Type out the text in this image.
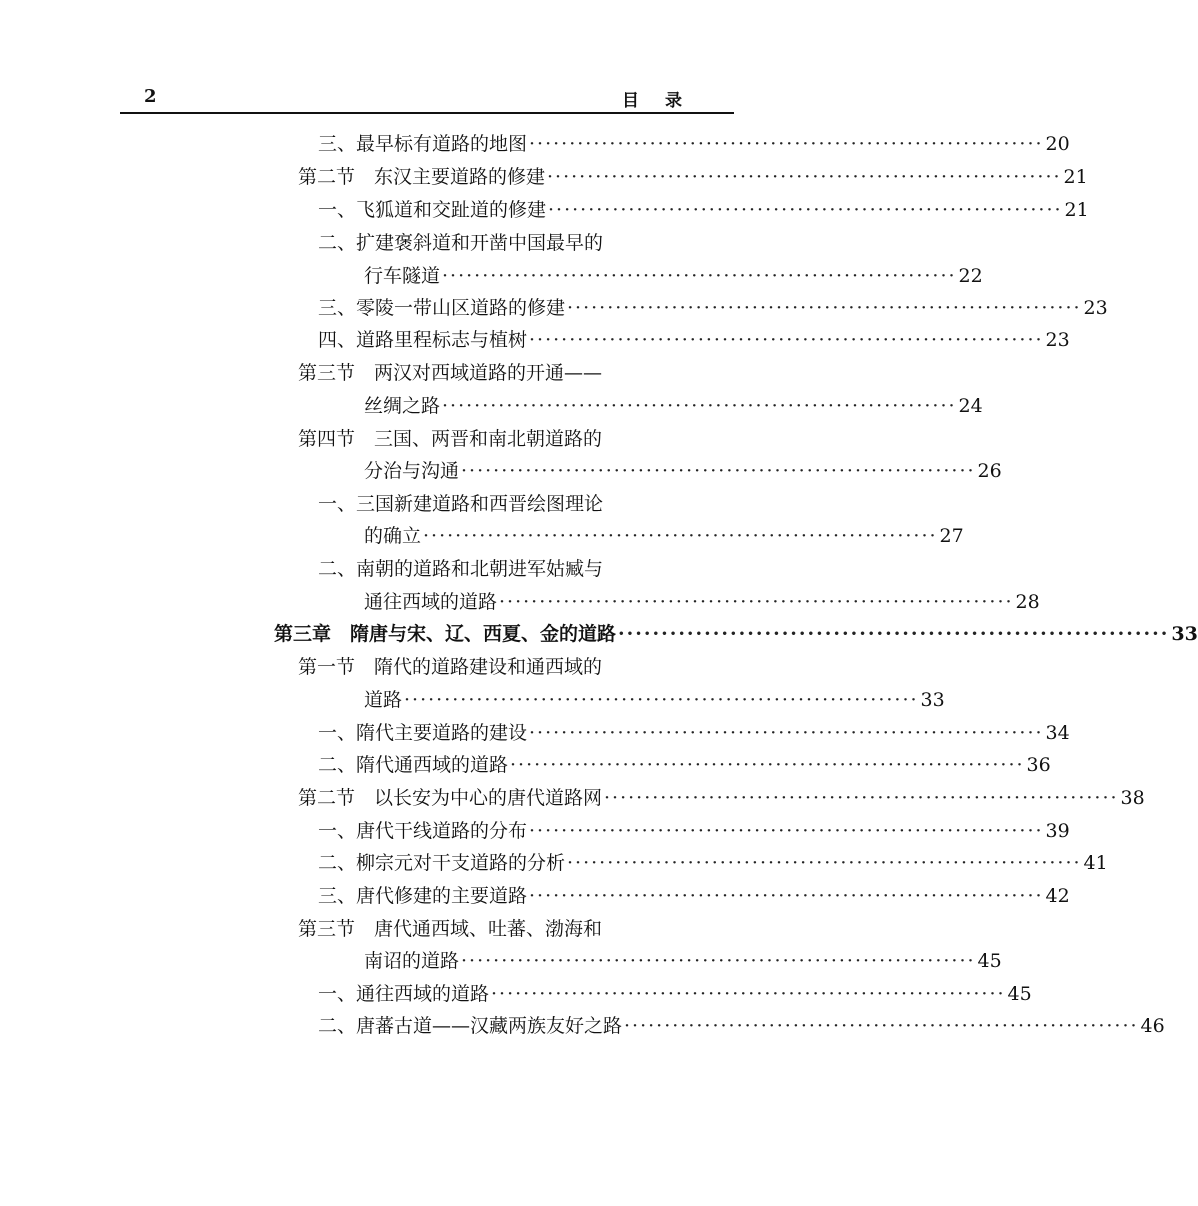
2	目录
三、最早标有道路的地图 ································································ 20
第二节　东汉主要道路的修建 ································································ 21
一、飞狐道和交趾道的修建 ································································ 21
二、扩建褒斜道和开凿中国最早的
行车隧道 ································································ 22
三、零陵一带山区道路的修建 ································································ 23
四、道路里程标志与植树 ································································ 23
第三节　两汉对西域道路的开通——
丝绸之路 ································································ 24
第四节　三国、两晋和南北朝道路的
分治与沟通 ································································ 26
一、三国新建道路和西晋绘图理论
的确立 ································································ 27
二、南朝的道路和北朝进军姑臧与
通往西域的道路 ································································ 28
第三章　隋唐与宋、辽、西夏、金的道路 ································································ 33
第一节　隋代的道路建设和通西域的
道路 ································································ 33
一、隋代主要道路的建设 ································································ 34
二、隋代通西域的道路 ································································ 36
第二节　以长安为中心的唐代道路网 ································································ 38
一、唐代干线道路的分布 ································································ 39
二、柳宗元对干支道路的分析 ································································ 41
三、唐代修建的主要道路 ································································ 42
第三节　唐代通西域、吐蕃、渤海和
南诏的道路 ································································ 45
一、通往西域的道路 ································································ 45
二、唐蕃古道——汉藏两族友好之路 ································································ 46
